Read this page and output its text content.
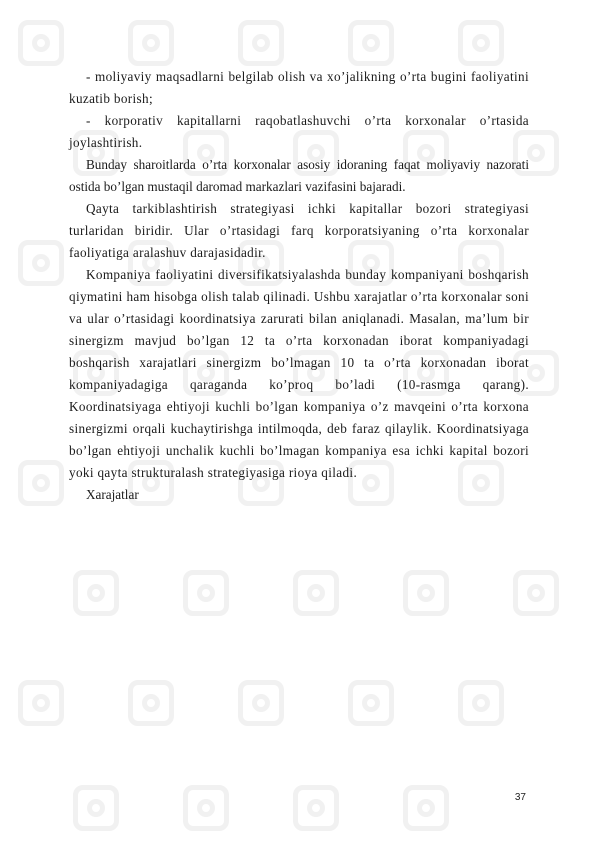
- moliyaviy maqsadlarni belgilab olish va xo’jalikning o’rta bugini faoliyatini kuzatib borish;

- korporativ kapitallarni raqobatlashuvchi o’rta korxonalar o’rtasida joylashtirish.

Bunday sharoitlarda o’rta korxonalar asosiy idoraning faqat moliyaviy nazorati ostida bo’lgan mustaqil daromad markazlari vazifasini bajaradi.

Qayta tarkiblashtirish strategiyasi ichki kapitallar bozori strategiyasi turlaridan biridir. Ular o’rtasidagi farq korporatsiyaning o’rta korxonalar faoliyatiga aralashuv darajasidadir.

Kompaniya faoliyatini diversifikatsiyalashda bunday kompaniyani boshqarish qiymatini ham hisobga olish talab qilinadi. Ushbu xarajatlar o’rta korxonalar soni va ular o’rtasidagi koordinatsiya zarurati bilan aniqlanadi. Masalan, ma’lum bir sinergizm mavjud bo’lgan 12 ta o’rta korxonadan iborat kompaniyadagi boshqarish xarajatlari sinergizm bo’lmagan 10 ta o’rta korxonadan iborat kompaniyadagiga qaraganda ko’proq bo’ladi (10-rasmga qarang). Koordinatsiyaga ehtiyoji kuchli bo’lgan kompaniya o’z mavqeini o’rta korxona sinergizmi orqali kuchaytirishga intilmoqda, deb faraz qilaylik. Koordinatsiyaga bo’lgan ehtiyoji unchalik kuchli bo’lmagan kompaniya esa ichki kapital bozori yoki qayta strukturalash strategiyasiga rioya qiladi.

Xarajatlar

37
